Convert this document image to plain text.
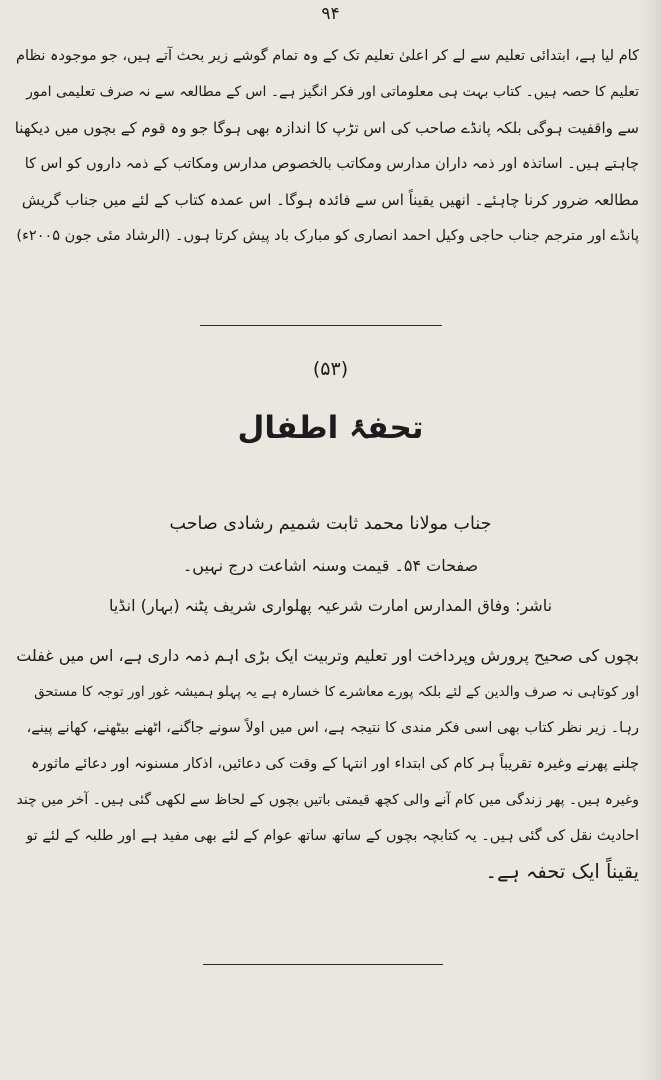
۹۴
کام لیا ہے، ابتدائی تعلیم سے لے کر اعلیٰ تعلیم تک کے وہ تمام گوشے زیر بحث آتے ہیں، جو موجودہ نظام
تعلیم کا حصہ ہیں۔ کتاب بہت ہی معلوماتی اور فکر انگیز ہے۔ اس کے مطالعہ سے نہ صرف تعلیمی امور
سے واقفیت ہوگی بلکہ پانڈے صاحب کی اس تڑپ کا اندازہ بھی ہوگا جو وہ قوم کے بچوں میں دیکھنا
چاہتے ہیں۔ اساتذہ اور ذمہ داران مدارس ومکاتب بالخصوص مدارس ومکاتب کے ذمہ داروں کو اس کا
مطالعہ ضرور کرنا چاہئے۔ انھیں یقیناً اس سے فائدہ ہوگا۔ اس عمدہ کتاب کے لئے میں جناب گریش
پانڈے اور مترجم جناب حاجی وکیل احمد انصاری کو مبارک باد پیش کرتا ہوں۔ (الرشاد مئی جون ۲۰۰۵ء)
(۵۳)
تحفۂ اطفال
جناب مولانا محمد ثابت شمیم رشادی صاحب
صفحات ۵۴۔ قیمت وسنہ اشاعت درج نہیں۔
ناشر: وفاق المدارس امارت شرعیہ پھلواری شریف پٹنہ (بہار) انڈیا
بچوں کی صحیح پرورش وپرداخت اور تعلیم وتربیت ایک بڑی اہم ذمہ داری ہے، اس میں غفلت
اور کوتاہی نہ صرف والدین کے لئے بلکہ پورے معاشرے کا خسارہ ہے یہ پہلو ہمیشہ غور اور توجہ کا مستحق
رہا۔ زیر نظر کتاب بھی اسی فکر مندی کا نتیجہ ہے، اس میں اولاً سونے جاگنے، اٹھنے بیٹھنے، کھانے پینے،
چلنے پھرنے وغیرہ تقریباً ہر کام کی ابتداء اور انتہا کے وقت کی دعائیں، اذکار مسنونہ اور دعائے ماثورہ
وغیرہ ہیں۔ پھر زندگی میں کام آنے والی کچھ قیمتی باتیں بچوں کے لحاظ سے لکھی گئی ہیں۔ آخر میں چند
احادیث نقل کی گئی ہیں۔ یہ کتابچہ بچوں کے ساتھ ساتھ عوام کے لئے بھی مفید ہے اور طلبہ کے لئے تو
یقیناً ایک تحفہ ہے۔
